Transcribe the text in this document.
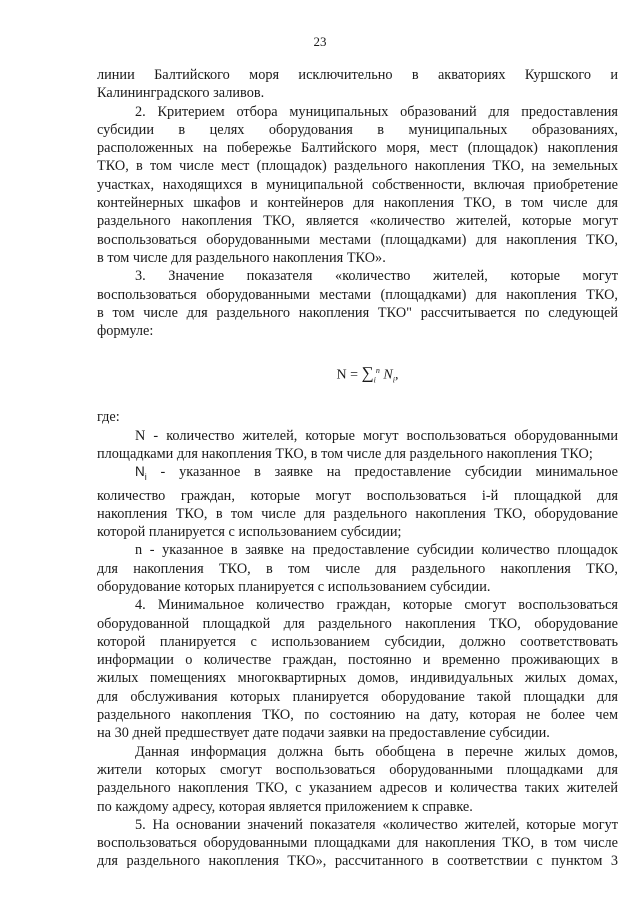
23
линии Балтийского моря исключительно в акваториях Куршского и
Калининградского заливов.
2. Критерием отбора муниципальных образований для предоставления
субсидии в целях оборудования в муниципальных образованиях,
расположенных на побережье Балтийского моря, мест (площадок) накопления
ТКО, в том числе мест (площадок) раздельного накопления ТКО, на земельных
участках, находящихся в муниципальной собственности, включая приобретение
контейнерных шкафов и контейнеров для накопления ТКО, в том числе для
раздельного накопления ТКО, является «количество жителей, которые могут
воспользоваться оборудованными местами (площадками) для накопления ТКО,
в том числе для раздельного накопления ТКО».
3. Значение показателя «количество жителей, которые могут
воспользоваться оборудованными местами (площадками) для накопления ТКО,
в том числе для раздельного накопления ТКО" рассчитывается по следующей
формуле:
$N = \sum_i^n$ $N_i$,
где:
N - количество жителей, которые могут воспользоваться оборудованными
площадками для накопления ТКО, в том числе для раздельного накопления ТКО;
$N_i$ - указанное в заявке на предоставление субсидии минимальное
количество граждан, которые могут воспользоваться i-й площадкой для
накопления ТКО, в том числе для раздельного накопления ТКО, оборудование
которой планируется с использованием субсидии;
n - указанное в заявке на предоставление субсидии количество площадок
для накопления ТКО, в том числе для раздельного накопления ТКО,
оборудование которых планируется с использованием субсидии.
4. Минимальное количество граждан, которые смогут воспользоваться
оборудованной площадкой для раздельного накопления ТКО, оборудование
которой планируется с использованием субсидии, должно соответствовать
информации о количестве граждан, постоянно и временно проживающих в
жилых помещениях многоквартирных домов, индивидуальных жилых домах,
для обслуживания которых планируется оборудование такой площадки для
раздельного накопления ТКО, по состоянию на дату, которая не более чем
на 30 дней предшествует дате подачи заявки на предоставление субсидии.
Данная информация должна быть обобщена в перечне жилых домов,
жители которых смогут воспользоваться оборудованными площадками для
раздельного накопления ТКО, с указанием адресов и количества таких жителей
по каждому адресу, которая является приложением к справке.
5. На основании значений показателя «количество жителей, которые могут
воспользоваться оборудованными площадками для накопления ТКО, в том числе
для раздельного накопления ТКО», рассчитанного в соответствии с пунктом 3
